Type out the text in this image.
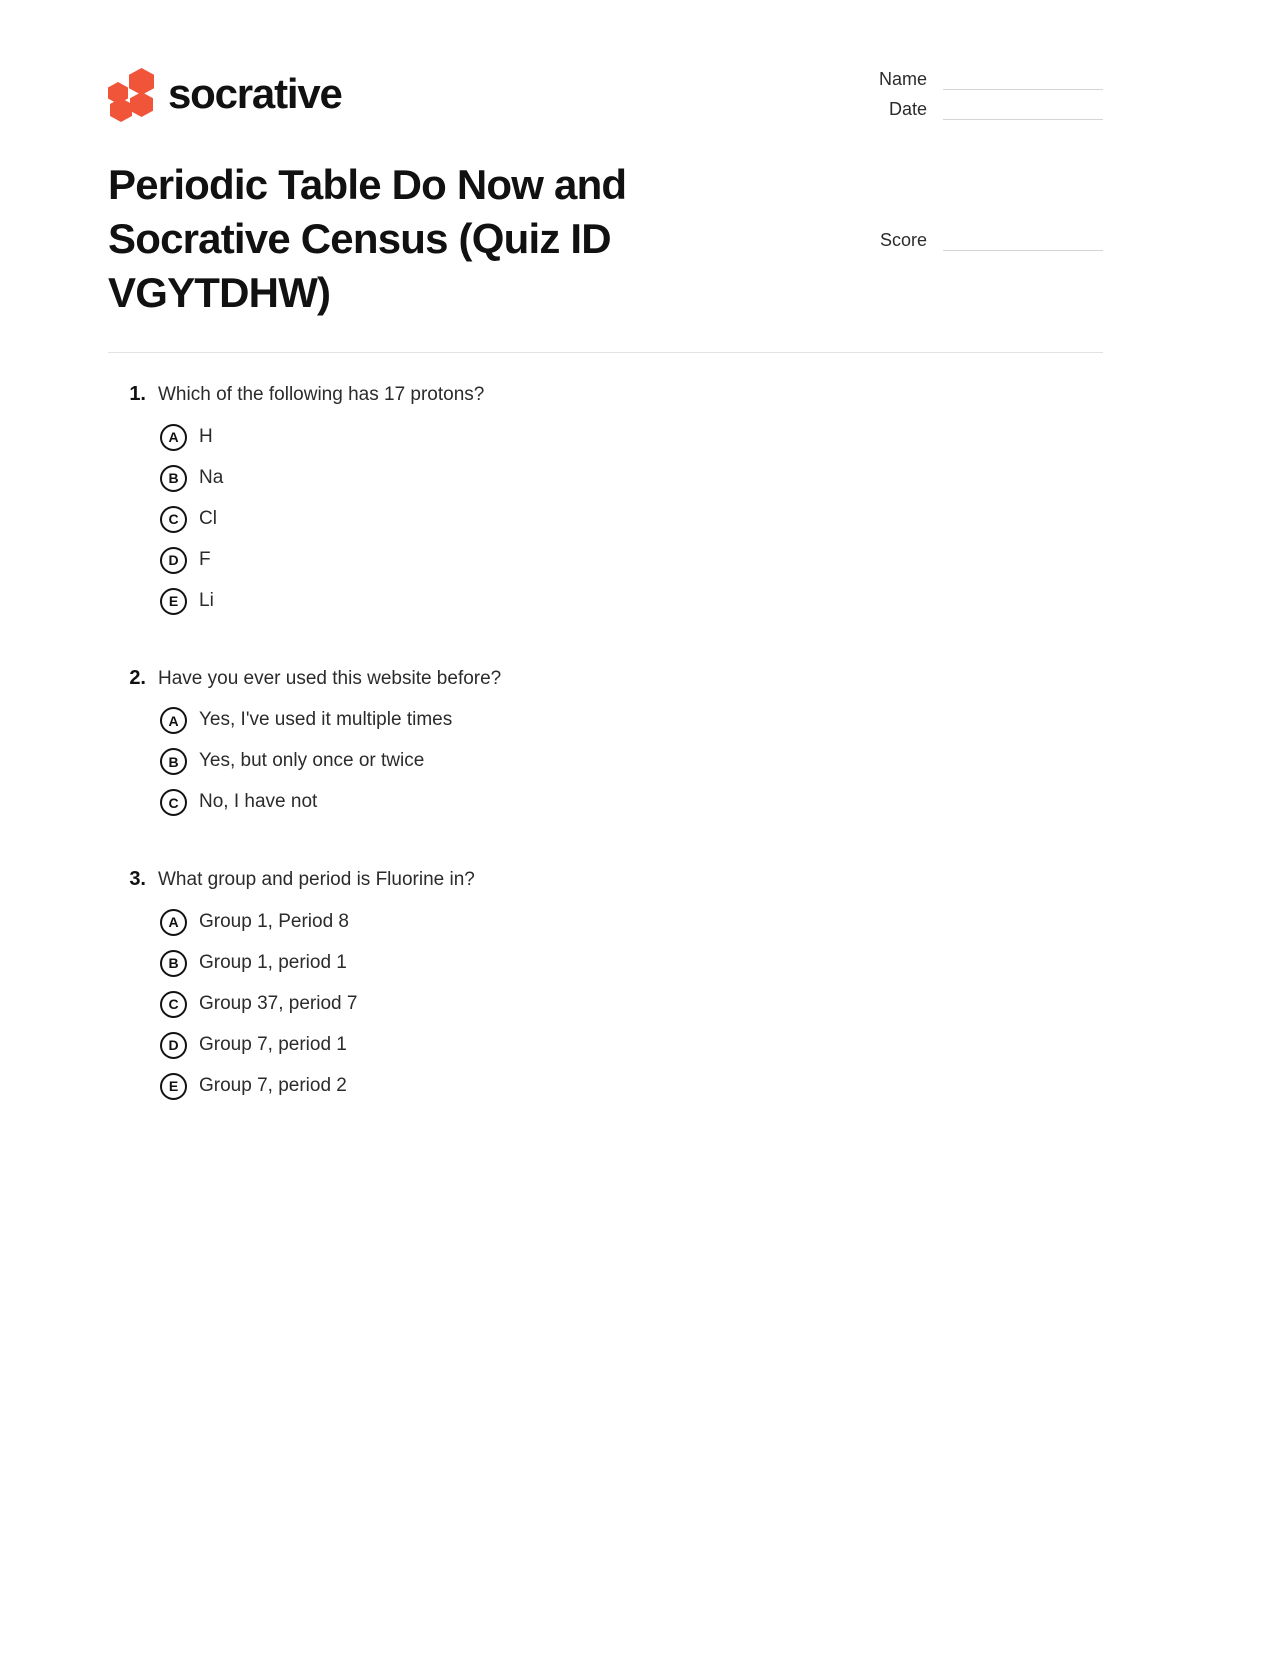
socrative	Name
Date
Periodic Table Do Now and Socrative Census (Quiz ID VGYTDHW)
Score
1. Which of the following has 17 protons?
A	H
B	Na
C	Cl
D	F
E	Li
2. Have you ever used this website before?
A	Yes, I've used it multiple times
B	Yes, but only once or twice
C	No, I have not
3. What group and period is Fluorine in?
A	Group 1, Period 8
B	Group 1, period 1
C	Group 37, period 7
D	Group 7, period 1
E	Group 7, period 2
